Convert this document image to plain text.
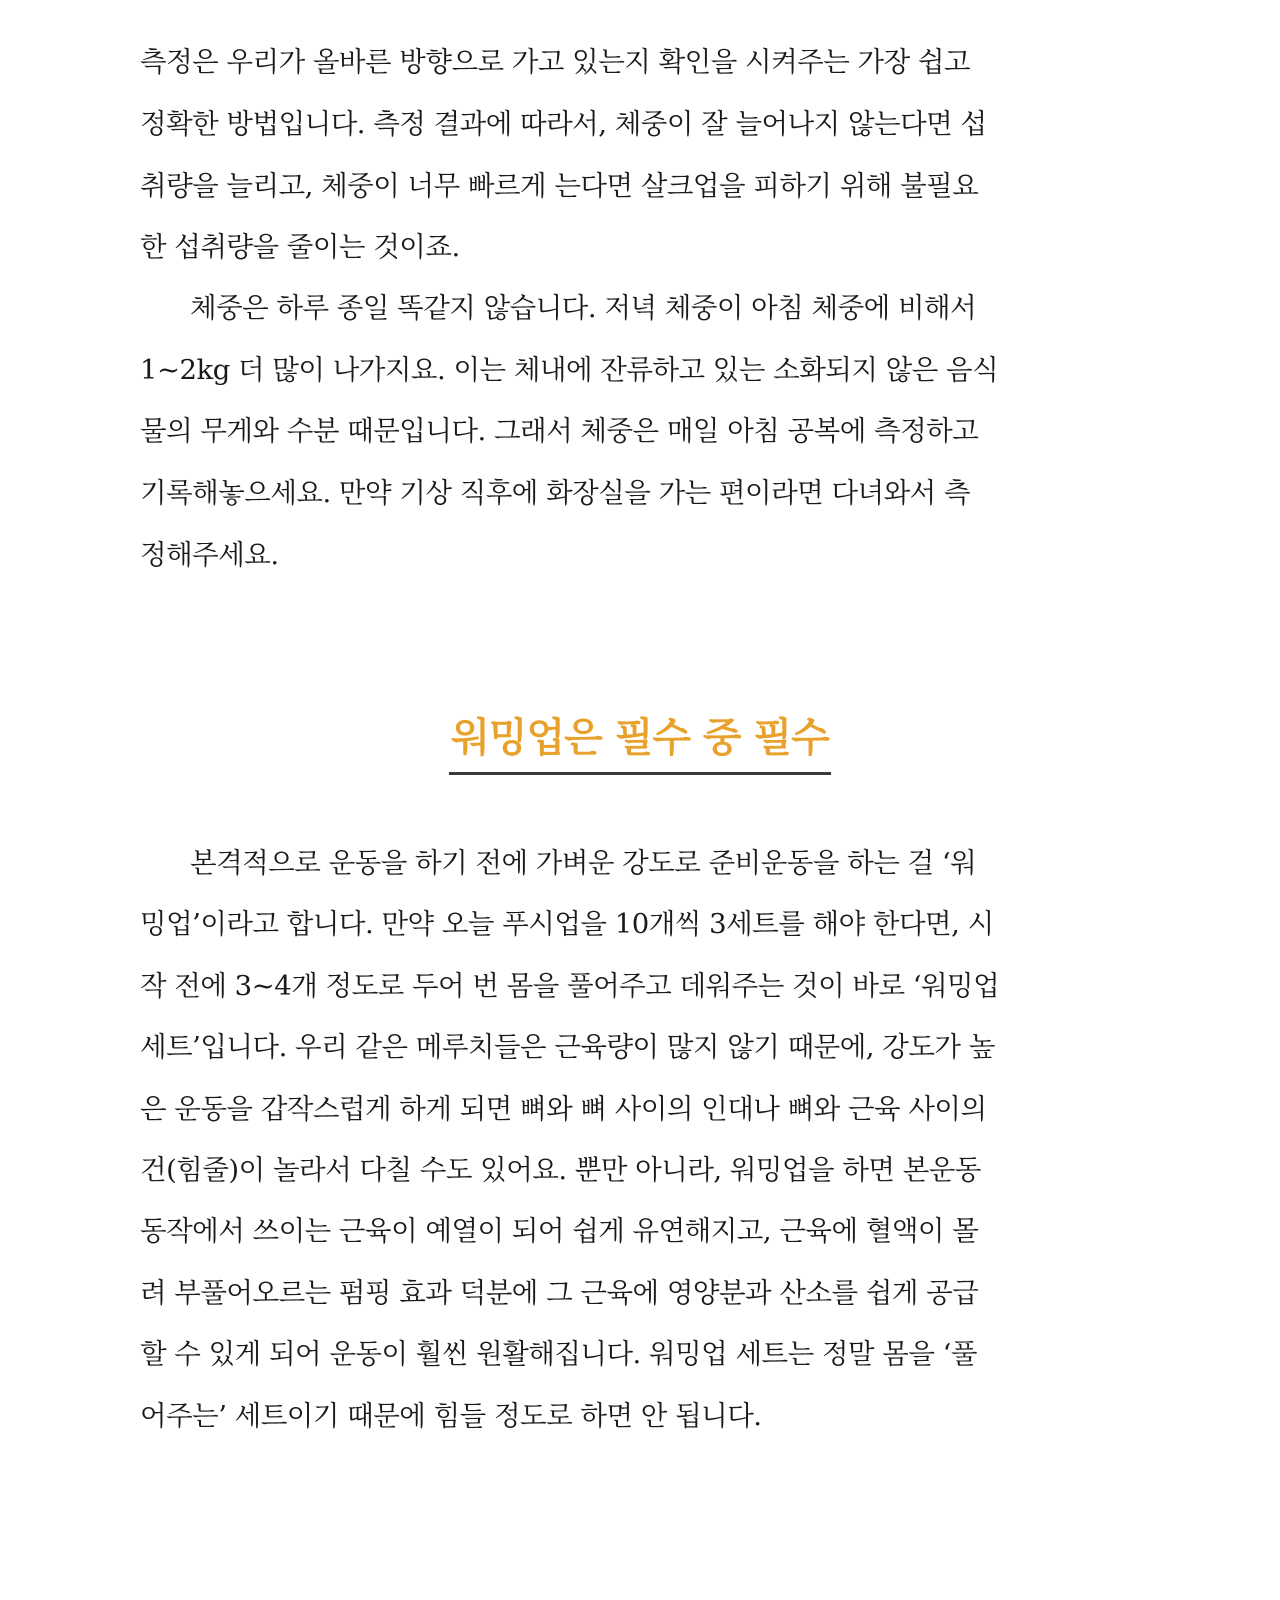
측정은 우리가 올바른 방향으로 가고 있는지 확인을 시켜주는 가장 쉽고
정확한 방법입니다. 측정 결과에 따라서, 체중이 잘 늘어나지 않는다면 섭
취량을 늘리고, 체중이 너무 빠르게 는다면 살크업을 피하기 위해 불필요
한 섭취량을 줄이는 것이죠.
체중은 하루 종일 똑같지 않습니다. 저녁 체중이 아침 체중에 비해서
1~2kg 더 많이 나가지요. 이는 체내에 잔류하고 있는 소화되지 않은 음식
물의 무게와 수분 때문입니다. 그래서 체중은 매일 아침 공복에 측정하고
기록해놓으세요. 만약 기상 직후에 화장실을 가는 편이라면 다녀와서 측
정해주세요.
워밍업은 필수 중 필수
본격적으로 운동을 하기 전에 가벼운 강도로 준비운동을 하는 걸 ‘워
밍업’이라고 합니다. 만약 오늘 푸시업을 10개씩 3세트를 해야 한다면, 시
작 전에 3~4개 정도로 두어 번 몸을 풀어주고 데워주는 것이 바로 ‘워밍업
세트’입니다. 우리 같은 메루치들은 근육량이 많지 않기 때문에, 강도가 높
은 운동을 갑작스럽게 하게 되면 뼈와 뼈 사이의 인대나 뼈와 근육 사이의
건(힘줄)이 놀라서 다칠 수도 있어요. 뿐만 아니라, 워밍업을 하면 본운동
동작에서 쓰이는 근육이 예열이 되어 쉽게 유연해지고, 근육에 혈액이 몰
려 부풀어오르는 펌핑 효과 덕분에 그 근육에 영양분과 산소를 쉽게 공급
할 수 있게 되어 운동이 훨씬 원활해집니다. 워밍업 세트는 정말 몸을 ‘풀
어주는’ 세트이기 때문에 힘들 정도로 하면 안 됩니다.
